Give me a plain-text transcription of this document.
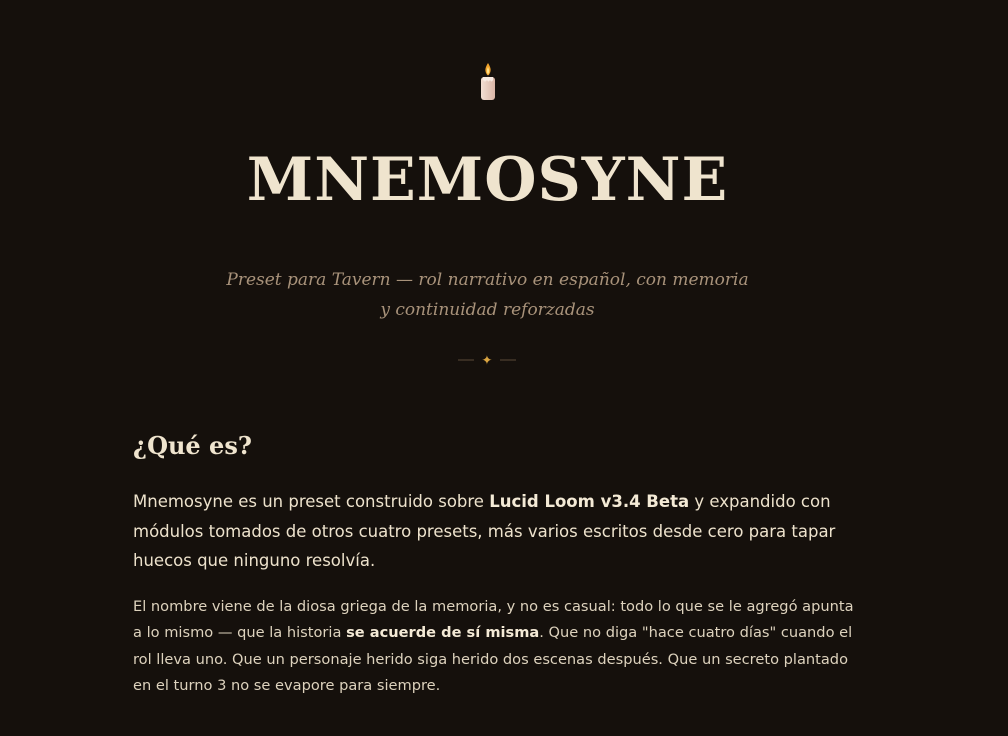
MNEMOSYNE

Preset para Tavern — rol narrativo en español, con memoria
y continuidad reforzadas

✦
¿Qué es?

Mnemosyne es un preset construido sobre Lucid Loom v3.4 Beta y expandido con módulos tomados de otros cuatro presets, más varios escritos desde cero para tapar huecos que ninguno resolvía.

El nombre viene de la diosa griega de la memoria, y no es casual: todo lo que se le agregó apunta a lo mismo — que la historia se acuerde de sí misma. Que no diga "hace cuatro días" cuando el rol lleva uno. Que un personaje herido siga herido dos escenas después. Que un secreto plantado en el turno 3 no se evapore para siempre.
